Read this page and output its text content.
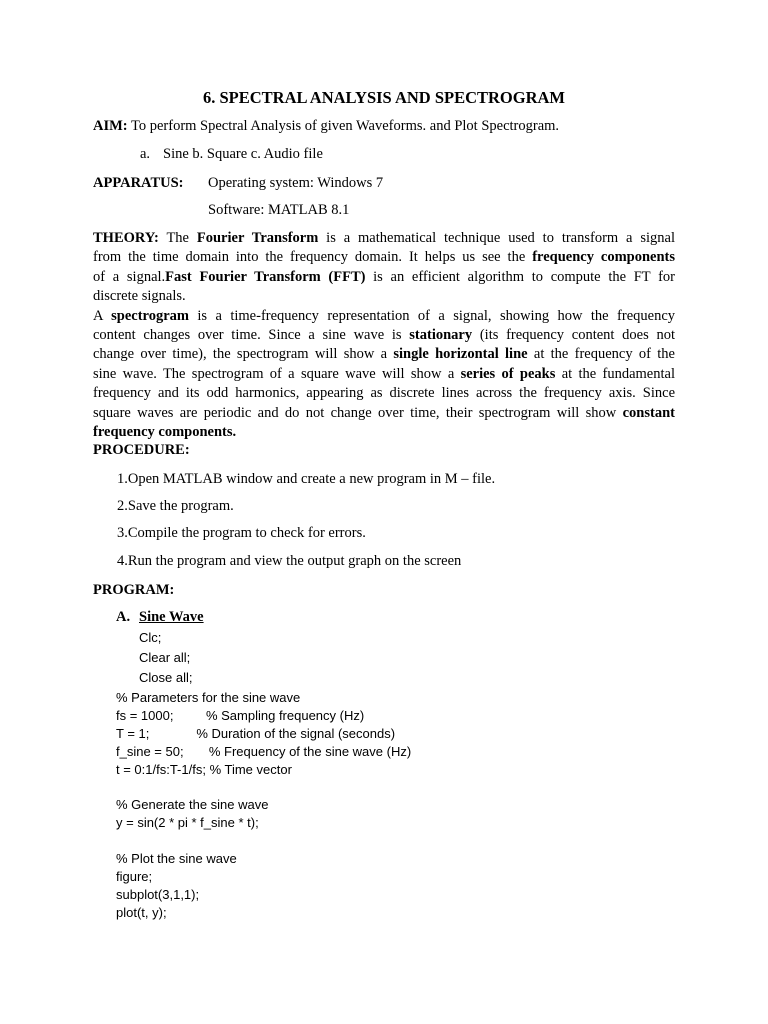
6. SPECTRAL ANALYSIS AND SPECTROGRAM
AIM: To perform Spectral Analysis of given Waveforms. and Plot Spectrogram.
a. Sine b. Square c. Audio file
APPARATUS: Operating system: Windows 7
Software: MATLAB 8.1
THEORY: The Fourier Transform is a mathematical technique used to transform a signal
from the time domain into the frequency domain. It helps us see the frequency components
of a signal.Fast Fourier Transform (FFT) is an efficient algorithm to compute the FT for
discrete signals.
A spectrogram is a time-frequency representation of a signal, showing how the frequency
content changes over time. Since a sine wave is stationary (its frequency content does not
change over time), the spectrogram will show a single horizontal line at the frequency of the
sine wave. The spectrogram of a square wave will show a series of peaks at the fundamental
frequency and its odd harmonics, appearing as discrete lines across the frequency axis. Since
square waves are periodic and do not change over time, their spectrogram will show constant
frequency components.
PROCEDURE:
1.Open MATLAB window and create a new program in M – file.
2.Save the program.
3.Compile the program to check for errors.
4.Run the program and view the output graph on the screen
PROGRAM:
A. Sine Wave
Clc;
Clear all;
Close all;
% Parameters for the sine wave
fs = 1000;         % Sampling frequency (Hz)
T = 1;             % Duration of the signal (seconds)
f_sine = 50;       % Frequency of the sine wave (Hz)
t = 0:1/fs:T-1/fs; % Time vector
% Generate the sine wave
y = sin(2 * pi * f_sine * t);
% Plot the sine wave
figure;
subplot(3,1,1);
plot(t, y);
